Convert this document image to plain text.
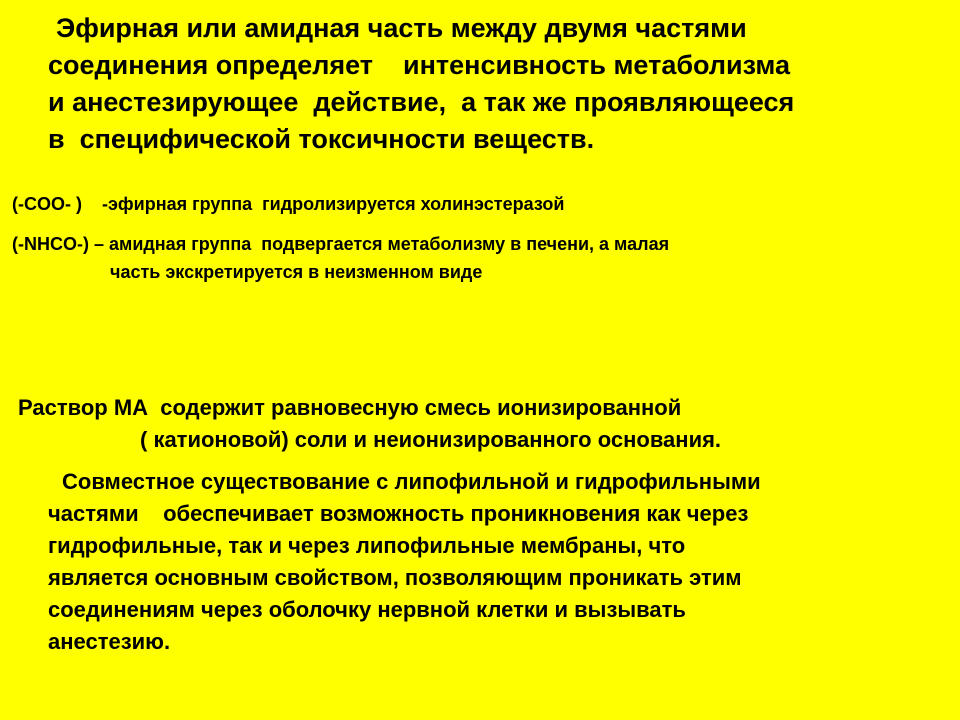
Эфирная или амидная часть между двумя частями
соединения определяет    интенсивность метаболизма
и анестезирующее  действие,  а так же проявляющееся
в  специфической токсичности веществ.
(-COO- )    -эфирная группа  гидролизируется холинэстеразой
(-NHCO-) – амидная группа  подвергается метаболизму в печени, а малая
часть экскретируется в неизменном виде
Раствор МА  содержит равновесную смесь ионизированной
( катионовой) соли и неионизированного основания.
Совместное существование с липофильной и гидрофильными
частями    обеспечивает возможность проникновения как через
гидрофильные, так и через липофильные мембраны, что
является основным свойством, позволяющим проникать этим
соединениям через оболочку нервной клетки и вызывать
анестезию.
